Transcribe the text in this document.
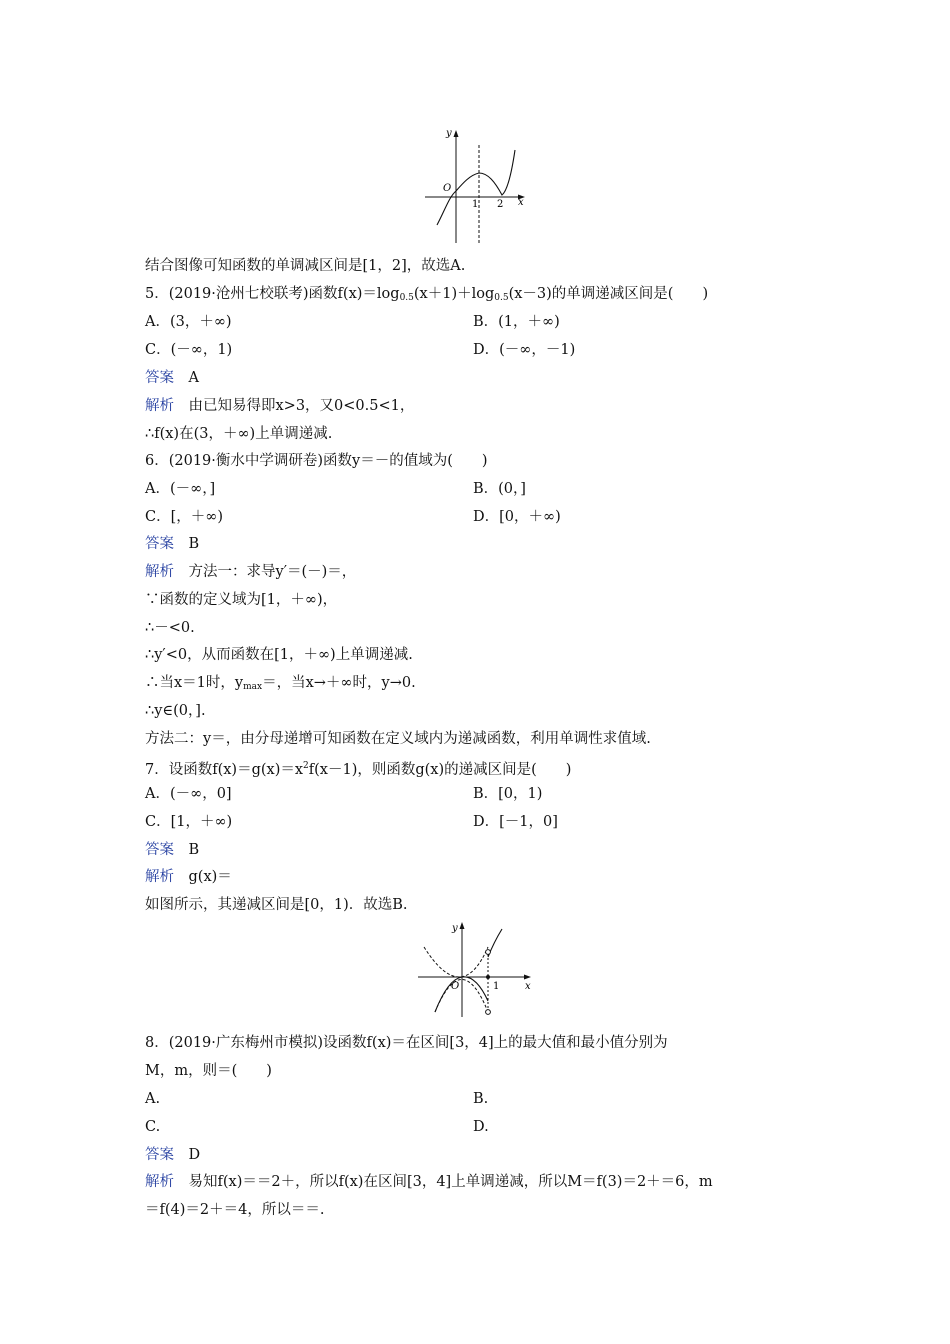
y
O
1 2 x
结合图像可知函数的单调减区间是[1，2]，故选A.
5．(2019·沧州七校联考)函数$f(x)=\log_{0.5}(x+1)+\log_{0.5}(x-3)$的单调递减区间是(　　)
A．(3，＋∞)	B．(1，＋∞)
C．(－∞，1)	D．(－∞，－1)
答案　 A
解析　 由已知易得即x>3，又0<0.5<1，
∴f(x)在(3，＋∞)上单调递减.
6．(2019·衡水中学调研卷)函数y＝－的值域为(　　)
A．(－∞，]	B．(0，]
C．[，＋∞)	D．[0，＋∞)
答案　 B
解析　 方法一：求导y′＝(－)＝，
∵函数的定义域为[1，＋∞)，
∴－<0.
∴y′<0，从而函数在[1，＋∞)上单调递减.
∴当x＝1时，$y_{max}=$，当x→＋∞时，y→0.
∴y∈(0，].
方法二：y＝，由分母递增可知函数在定义域内为递减函数，利用单调性求值域.
7．设函数$f(x)=g(x)=x^2f(x-1)$，则函数g(x)的递减区间是(　　)
A．(－∞，0]	B．[0，1)
C．[1，＋∞)	D．[－1，0]
答案　 B
解析　 g(x)＝
如图所示，其递减区间是[0，1)．故选B.
y
O	1	x
8．(2019·广东梅州市模拟)设函数f(x)＝在区间[3，4]上的最大值和最小值分别为
M，m，则＝(　　)
A.	B.
C.	D.
答案　 D
解析　 易知f(x)＝＝2＋，所以f(x)在区间[3，4]上单调递减，所以M＝f(3)＝2＋＝6，m
＝f(4)＝2＋＝4，所以＝＝.
